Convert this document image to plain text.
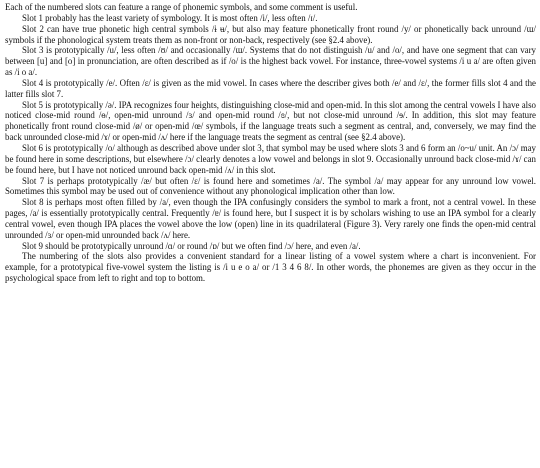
Each of the numbered slots can feature a range of phonemic symbols, and some comment is useful.

Slot 1 probably has the least variety of symbology. It is most often /i/, less often /ɪ/.

Slot 2 can have true phonetic high central symbols /ɨ ʉ/, but also may feature phonetically front round /y/ or phonetically back unround /ɯ/ symbols if the phonological system treats them as non-front or non-back, respectively (see §2.4 above).

Slot 3 is prototypically /u/, less often /ʊ/ and occasionally /ɯ/. Systems that do not distinguish /u/ and /o/, and have one segment that can vary between [u] and [o] in pronunciation, are often described as if /o/ is the highest back vowel. For instance, three-vowel systems /i u a/ are often given as /i o a/.

Slot 4 is prototypically /e/. Often /ɛ/ is given as the mid vowel. In cases where the describer gives both /e/ and /ɛ/, the former fills slot 4 and the latter fills slot 7.

Slot 5 is prototypically /ə/. IPA recognizes four heights, distinguishing close-mid and open-mid. In this slot among the central vowels I have also noticed close-mid round /ɵ/, open-mid unround /ɜ/ and open-mid round /ɞ/, but not close-mid unround /ɘ/. In addition, this slot may feature phonetically front round close-mid /ø/ or open-mid /œ/ symbols, if the language treats such a segment as central, and, conversely, we may find the back unrounded close-mid /ɤ/ or open-mid /ʌ/ here if the language treats the segment as central (see §2.4 above).

Slot 6 is prototypically /o/ although as described above under slot 3, that symbol may be used where slots 3 and 6 form an /o~u/ unit. An /ɔ/ may be found here in some descriptions, but elsewhere /ɔ/ clearly denotes a low vowel and belongs in slot 9. Occasionally unround back close-mid /ɤ/ can be found here, but I have not noticed unround back open-mid /ʌ/ in this slot.

Slot 7 is perhaps prototypically /æ/ but often /ɛ/ is found here and sometimes /a/. The symbol /a/ may appear for any unround low vowel. Sometimes this symbol may be used out of convenience without any phonological implication other than low.

Slot 8 is perhaps most often filled by /a/, even though the IPA confusingly considers the symbol to mark a front, not a central vowel. In these pages, /a/ is essentially prototypically central. Frequently /ɐ/ is found here, but I suspect it is by scholars wishing to use an IPA symbol for a clearly central vowel, even though IPA places the vowel above the low (open) line in its quadrilateral (Figure 3). Very rarely one finds the open-mid central unrounded /ɜ/ or open-mid unrounded back /ʌ/ here.

Slot 9 should be prototypically unround /ɑ/ or round /ɒ/ but we often find /ɔ/ here, and even /a/.

The numbering of the slots also provides a convenient standard for a linear listing of a vowel system where a chart is inconvenient. For example, for a prototypical five-vowel system the listing is /i u e o a/ or /1 3 4 6 8/. In other words, the phonemes are given as they occur in the psychological space from left to right and top to bottom.
